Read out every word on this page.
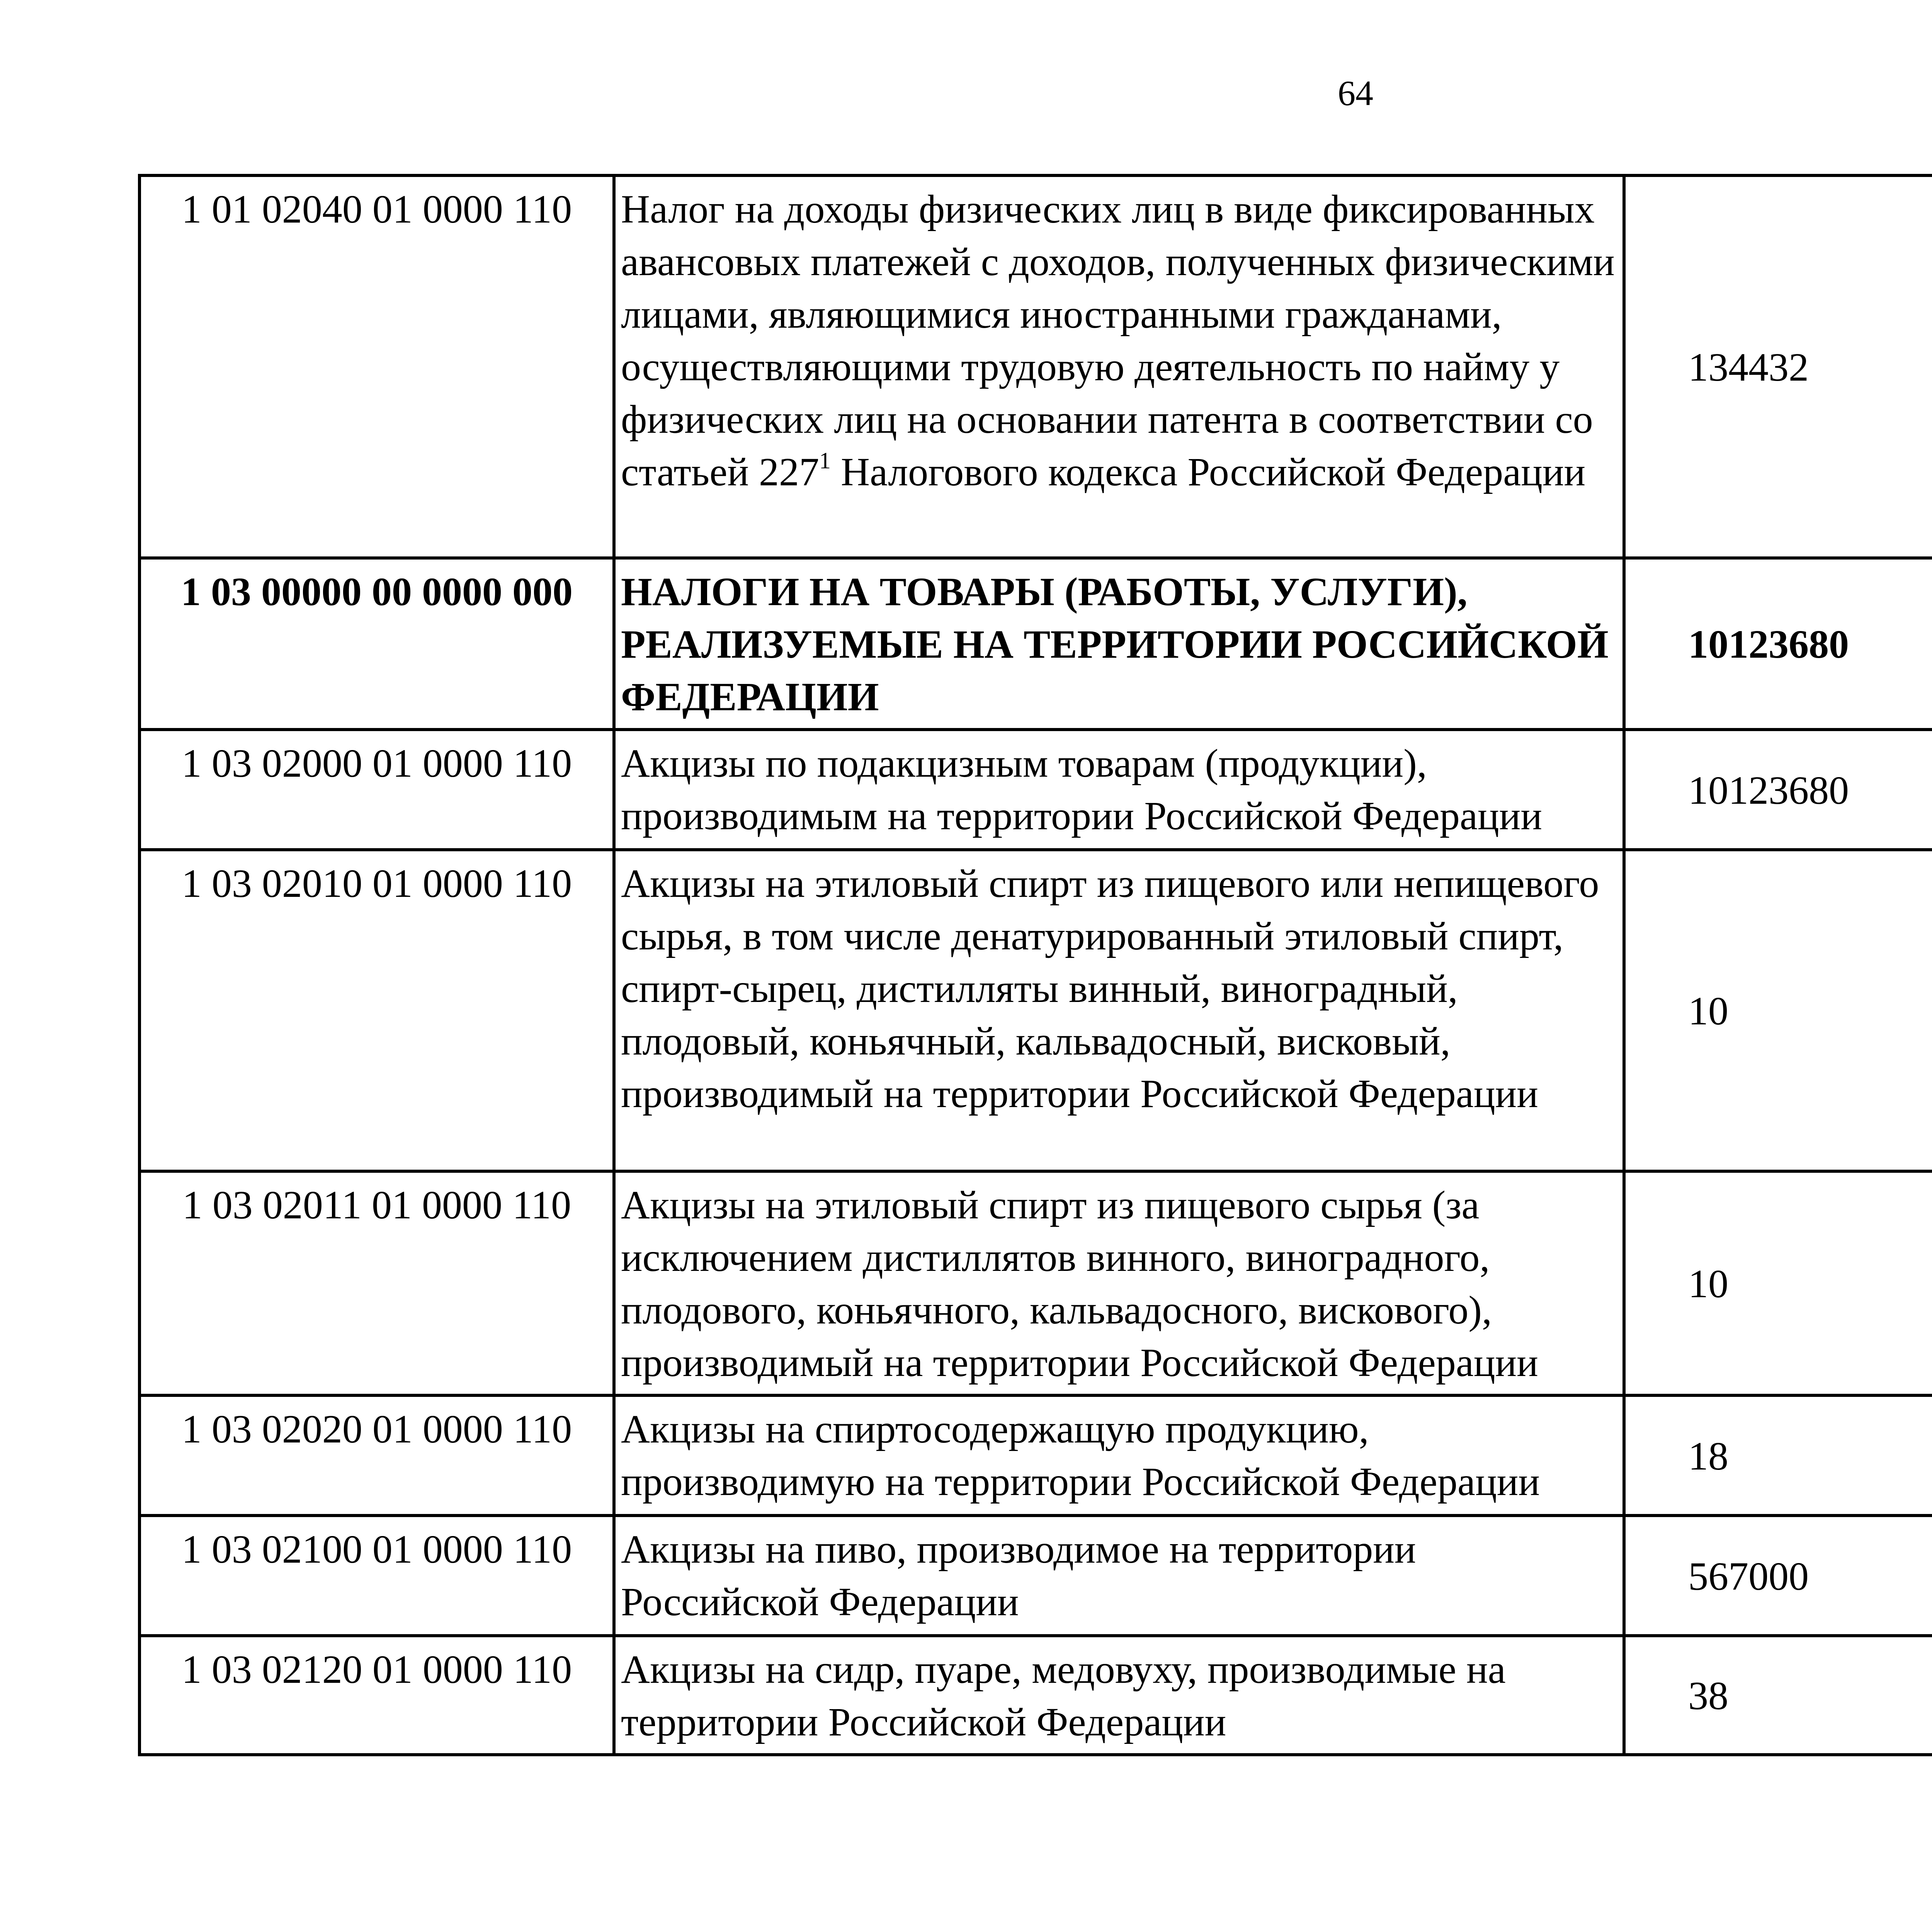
64
1 01 02040 01 0000 110	Налог на доходы физических лиц в виде фиксированных авансовых платежей с доходов, полученных физическими лицами, являющимися иностранными гражданами, осуществляющими трудовую деятельность по найму у физических лиц на основании патента в соответствии со статьей $227^1$ Налогового кодекса Российской Федерации	134432		
1 03 00000 00 0000 000	НАЛОГИ НА ТОВАРЫ (РАБОТЫ, УСЛУГИ), РЕАЛИЗУЕМЫЕ НА ТЕРРИТОРИИ РОССИЙСКОЙ ФЕДЕРАЦИИ	10123680		
1 03 02000 01 0000 110	Акцизы по подакцизным товарам (продукции), производимым на территории Российской Федерации	10123680		
1 03 02010 01 0000 110	Акцизы на этиловый спирт из пищевого или непищевого сырья, в том числе денатурированный этиловый спирт, спирт-сырец, дистилляты винный, виноградный, плодовый, коньячный, кальвадосный, висковый, производимый на территории Российской Федерации	10		
1 03 02011 01 0000 110	Акцизы на этиловый спирт из пищевого сырья (за исключением дистиллятов винного, виноградного, плодового, коньячного, кальвадосного, вискового), производимый на территории Российской Федерации	10		
1 03 02020 01 0000 110	Акцизы на спиртосодержащую продукцию, производимую на территории Российской Федерации	18		
1 03 02100 01 0000 110	Акцизы на пиво, производимое на территории Российской Федерации	567000		
1 03 02120 01 0000 110	Акцизы на сидр, пуаре, медовуху, производимые на территории Российской Федерации	38		
